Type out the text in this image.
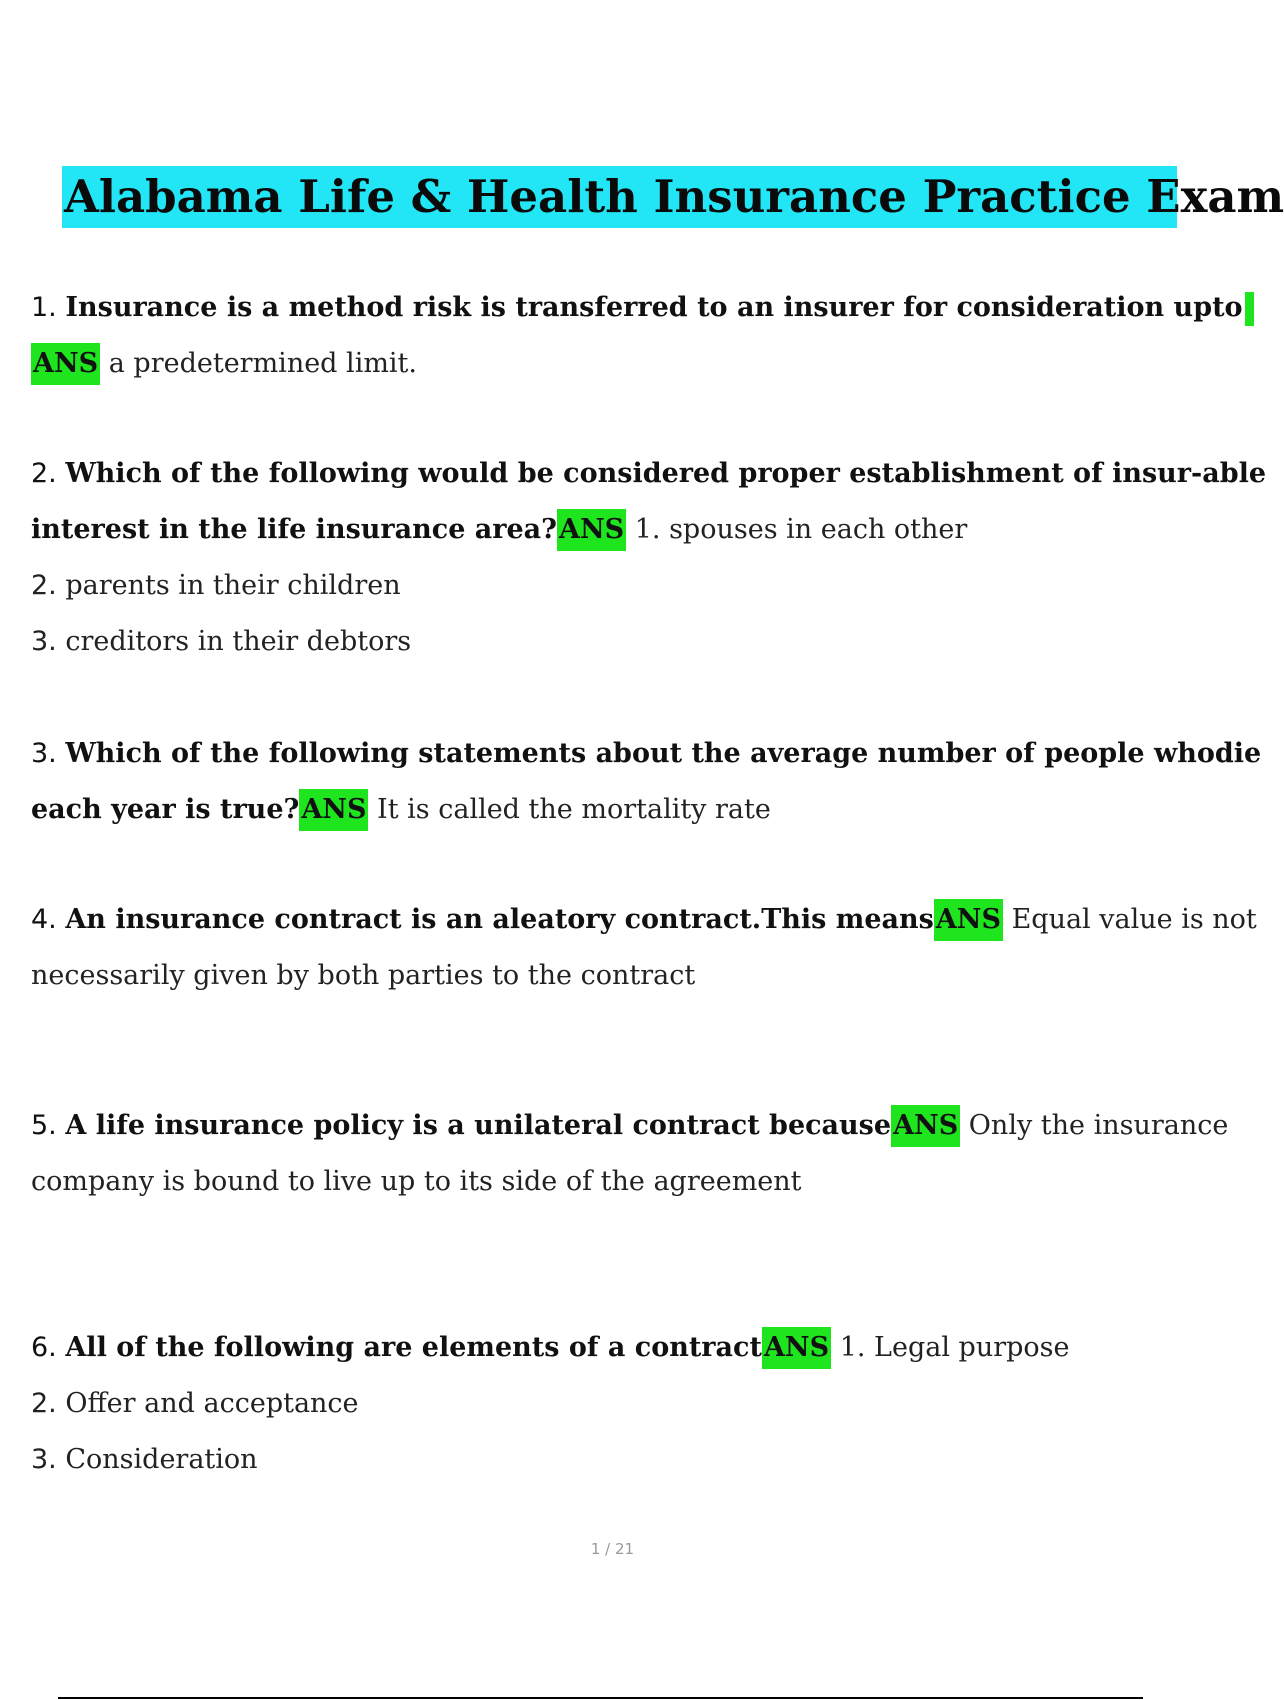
Alabama Life & Health Insurance Practice Exam
1. Insurance is a method risk is transferred to an insurer for consideration upto
ANS a predetermined limit.
2. Which of the following would be considered proper establishment of insur-able
interest in the life insurance area?ANS 1. spouses in each other
2. parents in their children
3. creditors in their debtors
3. Which of the following statements about the average number of people whodie
each year is true?ANS It is called the mortality rate
4. An insurance contract is an aleatory contract.This meansANS Equal value is not
necessarily given by both parties to the contract
5. A life insurance policy is a unilateral contract becauseANS Only the insurance
company is bound to live up to its side of the agreement
6. All of the following are elements of a contractANS 1. Legal purpose
2. Offer and acceptance
3. Consideration
1 / 21
